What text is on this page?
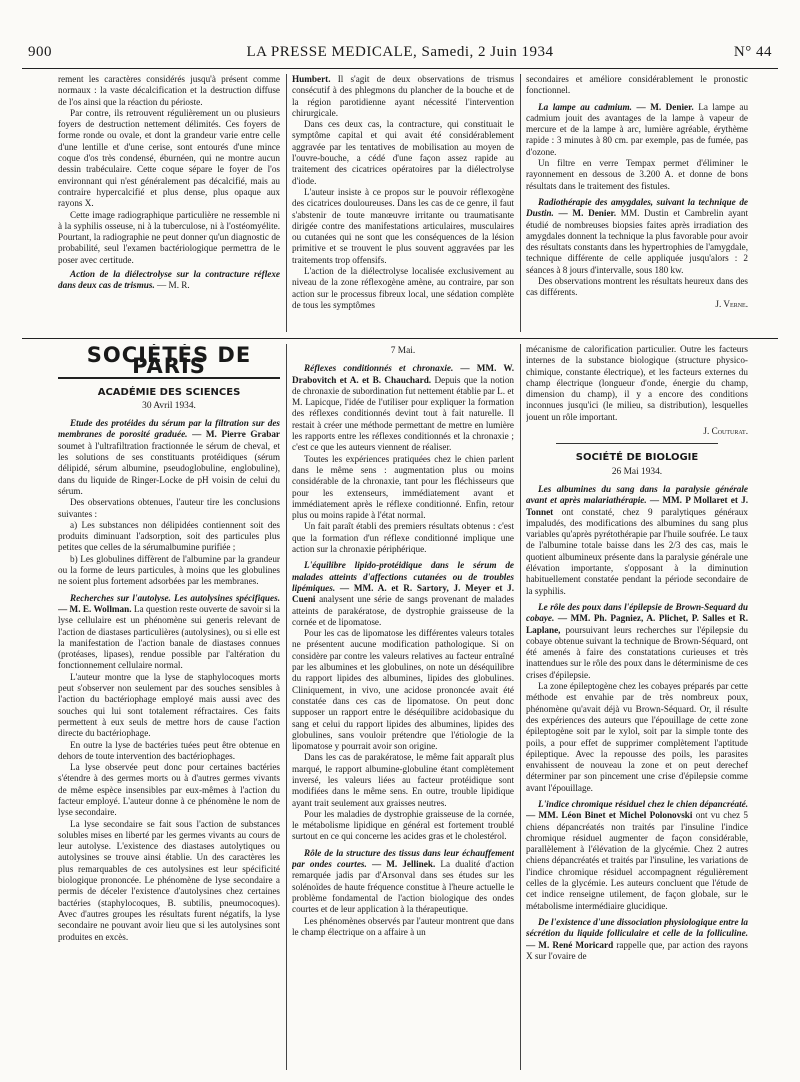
900	LA PRESSE MEDICALE, Samedi, 2 Juin 1934	N° 44

rement les caractères considérés jusqu'à présent comme normaux : la vaste décalcification et la destruction diffuse de l'os ainsi que la réaction du périoste.

Par contre, ils retrouvent régulièrement un ou plusieurs foyers de destruction nettement délimités. Ces foyers de forme ronde ou ovale, et dont la grandeur varie entre celle d'une lentille et d'une cerise, sont entourés d'une mince coque d'os très condensé, éburnéen, qui ne montre aucun dessin trabéculaire. Cette coque sépare le foyer de l'os environnant qui n'est généralement pas décalcifié, mais au contraire hypercalcifié et plus dense, plus opaque aux rayons X.

Cette image radiographique particulière ne ressemble ni à la syphilis osseuse, ni à la tuberculose, ni à l'ostéomyélite. Pourtant, la radiographie ne peut donner qu'un diagnostic de probabilité, seul l'examen bactériologique permettra de le poser avec certitude.

Action de la diélectrolyse sur la contracture réflexe dans deux cas de trismus. — M. R.

Humbert. Il s'agit de deux observations de trismus consécutif à des phlegmons du plancher de la bouche et de la région parotidienne ayant nécessité l'intervention chirurgicale.

Dans ces deux cas, la contracture, qui constituait le symptôme capital et qui avait été considérablement aggravée par les tentatives de mobilisation au moyen de l'ouvre-bouche, a cédé d'une façon assez rapide au traitement des cicatrices opératoires par la diélectrolyse d'iode.

L'auteur insiste à ce propos sur le pouvoir réflexogène des cicatrices douloureuses. Dans les cas de ce genre, il faut s'abstenir de toute manœuvre irritante ou traumatisante dirigée contre des manifestations articulaires, musculaires ou cutanées qui ne sont que les conséquences de la lésion primitive et se trouvent le plus souvent aggravées par les traitements trop offensifs.

L'action de la diélectrolyse localisée exclusivement au niveau de la zone réflexogène amène, au contraire, par son action sur le processus fibreux local, une sédation complète de tous les symptômes

secondaires et améliore considérablement le pronostic fonctionnel.

La lampe au cadmium. — M. Denier. La lampe au cadmium jouit des avantages de la lampe à vapeur de mercure et de la lampe à arc, lumière agréable, érythème rapide : 3 minutes à 80 cm. par exemple, pas de fumée, pas d'ozone.

Un filtre en verre Tempax permet d'éliminer le rayonnement en dessous de 3.200 A. et donne de bons résultats dans le traitement des fistules.

Radiothérapie des amygdales, suivant la technique de Dustin. — M. Denier. MM. Dustin et Cambrelin ayant étudié de nombreuses biopsies faites après irradiation des amygdales donnent la technique la plus favorable pour avoir des résultats constants dans les hypertrophies de l'amygdale, technique différente de celle appliquée jusqu'alors : 2 séances à 8 jours d'intervalle, sous 180 kw.

Des observations montrent les résultats heureux dans des cas différents.

J. Verne.

SOCIÉTÉS DE PARIS
ACADÉMIE DES SCIENCES
30 Avril 1934.

Etude des protéides du sérum par la filtration sur des membranes de porosité graduée. — M. Pierre Grabar soumet à l'ultrafiltration fractionnée le sérum de cheval, et les solutions de ses constituants protéidiques (sérum délipidé, sérum albumine, pseudoglobuline, englobuline), dans du liquide de Ringer-Locke de pH voisin de celui du sérum.

Des observations obtenues, l'auteur tire les conclusions suivantes :

a) Les substances non délipidées contiennent soit des produits diminuant l'adsorption, soit des particules plus petites que celles de la sérumalbumine purifiée ;

b) Les globulines diffèrent de l'albumine par la grandeur ou la forme de leurs particules, à moins que les globulines ne soient plus fortement adsorbées par les membranes.

Recherches sur l'autolyse. Les autolysines spécifiques. — M. E. Wollman. La question reste ouverte de savoir si la lyse cellulaire est un phénomène sui generis relevant de l'action de diastases particulières (autolysines), ou si elle est la manifestation de l'action banale de diastases connues (protéases, lipases), rendue possible par l'altération du fonctionnement cellulaire normal.

L'auteur montre que la lyse de staphylocoques morts peut s'observer non seulement par des souches sensibles à l'action du bactériophage employé mais aussi avec des souches qui lui sont totalement réfractaires. Ces faits permettent à eux seuls de mettre hors de cause l'action directe du bactériophage.

En outre la lyse de bactéries tuées peut être obtenue en dehors de toute intervention des bactériophages.

La lyse observée peut donc pour certaines bactéries s'étendre à des germes morts ou à d'autres germes vivants de même espèce insensibles par eux-mêmes à l'action du facteur employé. L'auteur donne à ce phénomène le nom de lyse secondaire.

La lyse secondaire se fait sous l'action de substances solubles mises en liberté par les germes vivants au cours de leur autolyse. L'existence des diastases autolytiques ou autolysines se trouve ainsi établie. Un des caractères les plus remarquables de ces autolysines est leur spécificité biologique prononcée. Le phénomène de lyse secondaire a permis de déceler l'existence d'autolysines chez certaines bactéries (staphylocoques, B. subtilis, pneumocoques). Avec d'autres groupes les résultats furent négatifs, la lyse secondaire ne pouvant avoir lieu que si les autolysines sont produites en excès.

7 Mai.

Réflexes conditionnés et chronaxie. — MM. W. Drabovitch et A. et B. Chauchard. Depuis que la notion de chronaxie de subordination fut nettement établie par L. et M. Lapicque, l'idée de l'utiliser pour expliquer la formation des réflexes conditionnés devint tout à fait naturelle. Il restait à créer une méthode permettant de mettre en lumière les rapports entre les réflexes conditionnés et la chronaxie ; c'est ce que les auteurs viennent de réaliser.

Toutes les expériences pratiquées chez le chien parlent dans le même sens : augmentation plus ou moins considérable de la chronaxie, tant pour les fléchisseurs que pour les extenseurs, immédiatement avant et immédiatement après le réflexe conditionné. Enfin, retour plus ou moins rapide à l'état normal.

Un fait paraît établi des premiers résultats obtenus : c'est que la formation d'un réflexe conditionné implique une action sur la chronaxie périphérique.

L'équilibre lipido-protéidique dans le sérum de malades atteints d'affections cutanées ou de troubles lipémiques. — MM. A. et R. Sartory, J. Meyer et J. Cueni analysent une série de sangs provenant de malades atteints de parakératose, de dystrophie graisseuse de la cornée et de lipomatose.

Pour les cas de lipomatose les différentes valeurs totales ne présentent aucune modification pathologique. Si on considère par contre les valeurs relatives au facteur entraîné par les albumines et les globulines, on note un déséquilibre du rapport lipides des albumines, lipides des globulines. Cliniquement, in vivo, une acidose prononcée avait été constatée dans ces cas de lipomatose. On peut donc supposer un rapport entre le déséquilibre acidobasique du sang et celui du rapport lipides des albumines, lipides des globulines, sans vouloir prétendre que l'étiologie de la lipomatose y pourrait avoir son origine.

Dans les cas de parakératose, le même fait apparaît plus marqué, le rapport albumine-globuline étant complètement inversé, les valeurs liées au facteur protéidique sont modifiées dans le même sens. En outre, trouble lipidique ayant trait seulement aux graisses neutres.

Pour les maladies de dystrophie graisseuse de la cornée, le métabolisme lipidique en général est fortement troublé surtout en ce qui concerne les acides gras et le cholestérol.

Rôle de la structure des tissus dans leur échauffement par ondes courtes. — M. Jellinek. La dualité d'action remarquée jadis par d'Arsonval dans ses études sur les solénoïdes de haute fréquence constitue à l'heure actuelle le problème fondamental de l'action biologique des ondes courtes et de leur application à la thérapeutique.

Les phénomènes observés par l'auteur montrent que dans le champ électrique on a affaire à un

mécanisme de calorification particulier. Outre les facteurs internes de la substance biologique (structure physico-chimique, constante électrique), et les facteurs externes du champ électrique (longueur d'onde, énergie du champ, dimension du champ), il y a encore des conditions inconnues jusqu'ici (le milieu, sa distribution), lesquelles jouent un rôle important.

J. Couturat.

SOCIÉTÉ DE BIOLOGIE
26 Mai 1934.

Les albumines du sang dans la paralysie générale avant et après malariathérapie. — MM. P Mollaret et J. Tonnet ont constaté, chez 9 paralytiques généraux impaludés, des modifications des albumines du sang plus variables qu'après pyrétothérapie par l'huile soufrée. Le taux de l'albumine totale baisse dans les 2/3 des cas, mais le quotient albumineux présente dans la paralysie générale une élévation importante, s'opposant à la diminution habituellement constatée pendant la période secondaire de la syphilis.

Le rôle des poux dans l'épilepsie de Brown-Sequard du cobaye. — MM. Ph. Pagniez, A. Plichet, P. Salles et R. Laplane, poursuivant leurs recherches sur l'épilepsie du cobaye obtenue suivant la technique de Brown-Séquard, ont été amenés à faire des constatations curieuses et très inattendues sur le rôle des poux dans le déterminisme de ces crises d'épilepsie.

La zone épileptogène chez les cobayes préparés par cette méthode est envahie par de très nombreux poux, phénomène qu'avait déjà vu Brown-Séquard. Or, il résulte des expériences des auteurs que l'épouillage de cette zone épileptogène soit par le xylol, soit par la simple tonte des poils, a pour effet de supprimer complètement l'aptitude épileptique. Avec la repousse des poils, les parasites envahissent de nouveau la zone et on peut derechef déterminer par son pincement une crise d'épilepsie comme avant l'épouillage.

L'indice chromique résiduel chez le chien dépancréaté. — MM. Léon Binet et Michel Polonovski ont vu chez 5 chiens dépancréatés non traités par l'insuline l'indice chromique résiduel augmenter de façon considérable, parallèlement à l'élévation de la glycémie. Chez 2 autres chiens dépancréatés et traités par l'insuline, les variations de l'indice chromique résiduel accompagnent régulièrement celles de la glycémie. Les auteurs concluent que l'étude de cet indice renseigne utilement, de façon globale, sur le métabolisme intermédiaire glucidique.

De l'existence d'une dissociation physiologique entre la sécrétion du liquide folliculaire et celle de la folliculine. — M. René Moricard rappelle que, par action des rayons X sur l'ovaire de
